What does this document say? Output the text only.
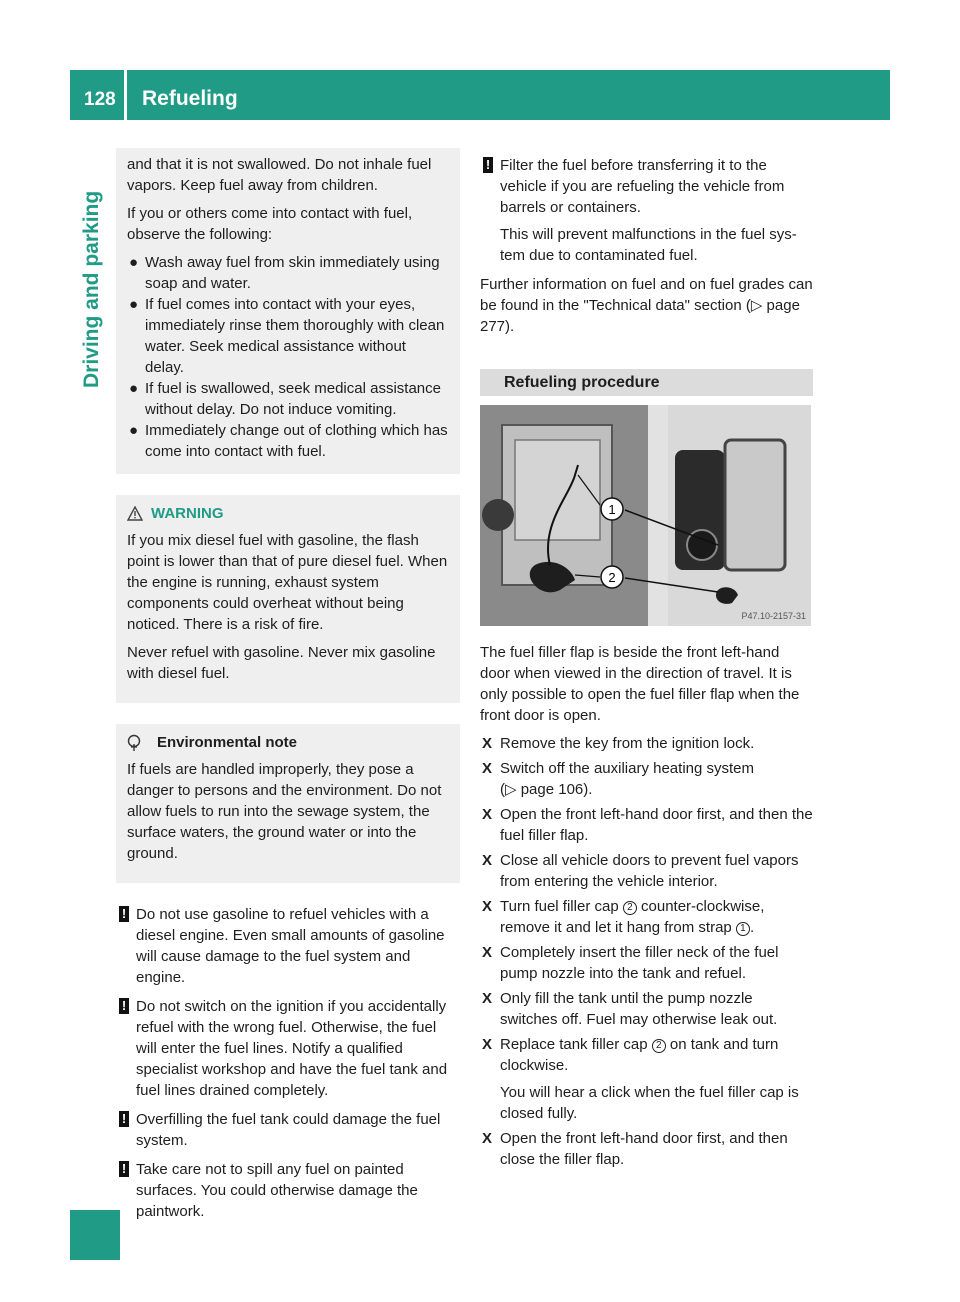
128 Refueling
Driving and parking

and that it is not swallowed. Do not inhale fuel vapors. Keep fuel away from children.

If you or others come into contact with fuel, observe the following:

● Wash away fuel from skin immediately using soap and water.

● If fuel comes into contact with your eyes, immediately rinse them thoroughly with clean water. Seek medical assistance without delay.

● If fuel is swallowed, seek medical assistance without delay. Do not induce vomiting.

● Immediately change out of clothing which has come into contact with fuel.

WARNING

If you mix diesel fuel with gasoline, the flash point is lower than that of pure diesel fuel. When the engine is running, exhaust system components could overheat without being noticed. There is a risk of fire.

Never refuel with gasoline. Never mix gasoline with diesel fuel.

Environmental note

If fuels are handled improperly, they pose a danger to persons and the environment. Do not allow fuels to run into the sewage system, the surface waters, the ground water or into the ground.

! Do not use gasoline to refuel vehicles with a diesel engine. Even small amounts of gasoline will cause damage to the fuel system and engine.

! Do not switch on the ignition if you accidentally refuel with the wrong fuel. Otherwise, the fuel will enter the fuel lines. Notify a qualified specialist workshop and have the fuel tank and fuel lines drained completely.

! Overfilling the fuel tank could damage the fuel system.

! Take care not to spill any fuel on painted surfaces. You could otherwise damage the paintwork.

! Filter the fuel before transferring it to the vehicle if you are refueling the vehicle from barrels or containers.

This will prevent malfunctions in the fuel system due to contaminated fuel.

Further information on fuel and on fuel grades can be found in the "Technical data" section (▷ page 277).

Refueling procedure
1
2
P47.10-2157-31

The fuel filler flap is beside the front left-hand door when viewed in the direction of travel. It is only possible to open the fuel filler flap when the front door is open.

X Remove the key from the ignition lock.
X Switch off the auxiliary heating system
(▷ page 106).
X Open the front left-hand door first, and then the fuel filler flap.
X Close all vehicle doors to prevent fuel vapors from entering the vehicle interior.
X Turn fuel filler cap 2 counter-clockwise, remove it and let it hang from strap 1 .
X Completely insert the filler neck of the fuel pump nozzle into the tank and refuel.
X Only fill the tank until the pump nozzle switches off. Fuel may otherwise leak out.
X Replace tank filler cap 2 on tank and turn clockwise.

You will hear a click when the fuel filler cap is closed fully.

X Open the front left-hand door first, and then close the filler flap.
